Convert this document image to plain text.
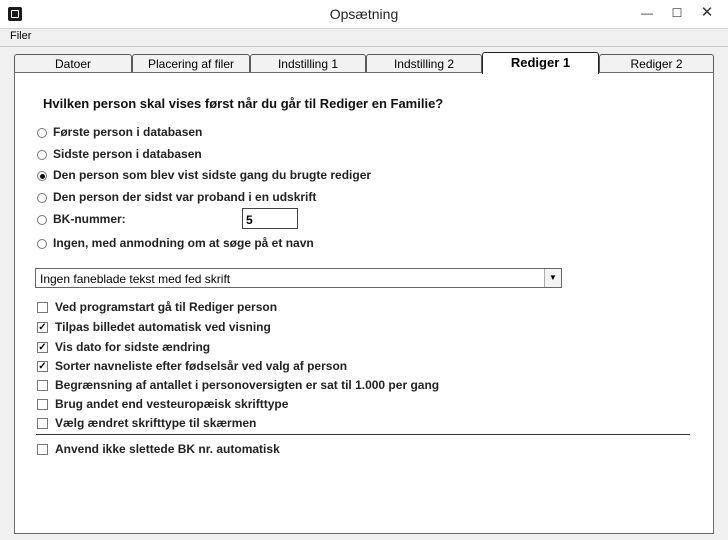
Opsætning	—	☐	✕
Filer
Datoer	Placering af filer	Indstilling 1	Indstilling 2	Rediger 1	Rediger 2
Hvilken person skal vises først når du går til Rediger en Familie?
Første person i databasen
Sidste person i databasen
Den person som blev vist sidste gang du brugte rediger
Den person der sidst var proband i en udskrift
BK-nummer:
5
Ingen, med anmodning om at søge på et navn
Ingen faneblade tekst med fed skrift	▼
Ved programstart gå til Rediger person
✓ Tilpas billedet automatisk ved visning
✓ Vis dato for sidste ændring
✓ Sorter navneliste efter fødselsår ved valg af person
Begrænsning af antallet i personoversigten er sat til 1.000 per gang
Brug andet end vesteuropæisk skrifttype
Vælg ændret skrifttype til skærmen
Anvend ikke slettede BK nr. automatisk
